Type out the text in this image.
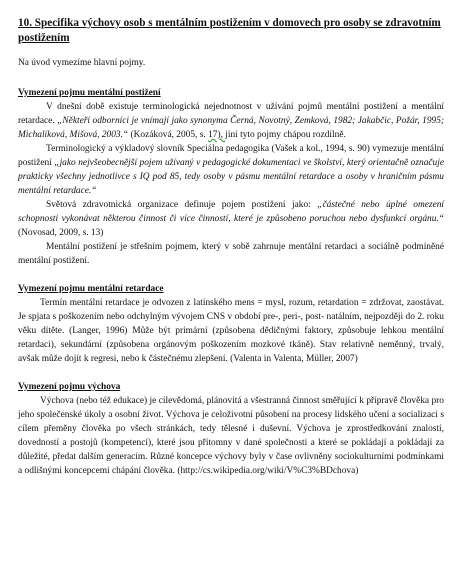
10. Specifika výchovy osob s mentálním postižením v domovech pro osoby se zdravotním postižením

Na úvod vymezíme hlavní pojmy.

Vymezení pojmu mentální postižení

V dnešní době existuje terminologická nejednotnost v užívání pojmů mentální postižení a mentální retardace. „Někteří odborníci je vnímají jako synonyma Černá, Novotný, Zemková, 1982; Jakabčic, Požár, 1995; Michalíková, Mišová, 2003.“ (Kozáková, 2005, s. 17), jiní tyto pojmy chápou rozdílně.

Terminologický a výkladový slovník Speciálna pedagogika (Vašek a kol., 1994, s. 90) vymezuje mentální postižení „jako nejvšeobecnější pojem užívaný v pedagogické dokumentaci ve školství, který orientačně označuje prakticky všechny jednotlivce s IQ pod 85, tedy osoby v pásmu mentální retardace a osoby v hraničním pásmu mentální retardace.“

Světová zdravotnická organizace definuje pojem postižení jako: „částečné nebo úplné omezení schopnosti vykonávat některou činnost či více činností, které je způsobeno poruchou nebo dysfunkcí orgánu.“ (Novosad, 2009, s. 13)

Mentální postižení je střešním pojmem, který v sobě zahrnuje mentální retardaci a sociálně podmíněné mentální postižení.

Vymezení pojmu mentální retardace

Termín mentální retardace je odvozen z latinského mens = mysl, rozum, retardation = zdržovat, zaostávat. Je spjata s poškozením nebo odchylným vývojem CNS v období pre-, peri-, post- natálním, nejpozději do 2. roku věku dítěte. (Langer, 1996) Může být primární (způsobena dědičnými faktory, způsobuje lehkou mentální retardaci), sekundární (způsobena orgánovým poškozením mozkové tkáně). Stav relativně neměnný, trvalý, avšak může dojít k regresi, nebo k částečnému zlepšení. (Valenta in Valenta, Müller, 2007)

Vymezení pojmu výchova

Výchova (nebo též edukace) je cílevědomá, plánovitá a všestranná činnost směřující k přípravě člověka pro jeho společenské úkoly a osobní život. Výchova je celoživotní působení na procesy lidského učení a socializaci s cílem přeměny člověka po všech stránkách, tedy tělesné i duševní. Výchova je zprostředkování znalostí, dovedností a postojů (kompetencí), které jsou přítomny v dané společnosti a které se pokládají a pokládají za důležité, předat dalším generacím. Různé koncepce výchovy byly v čase ovlivněny sociokulturními podmínkami a odlišnými koncepcemi chápání člověka. (http://cs.wikipedia.org/wiki/V%C3%BDchova)
